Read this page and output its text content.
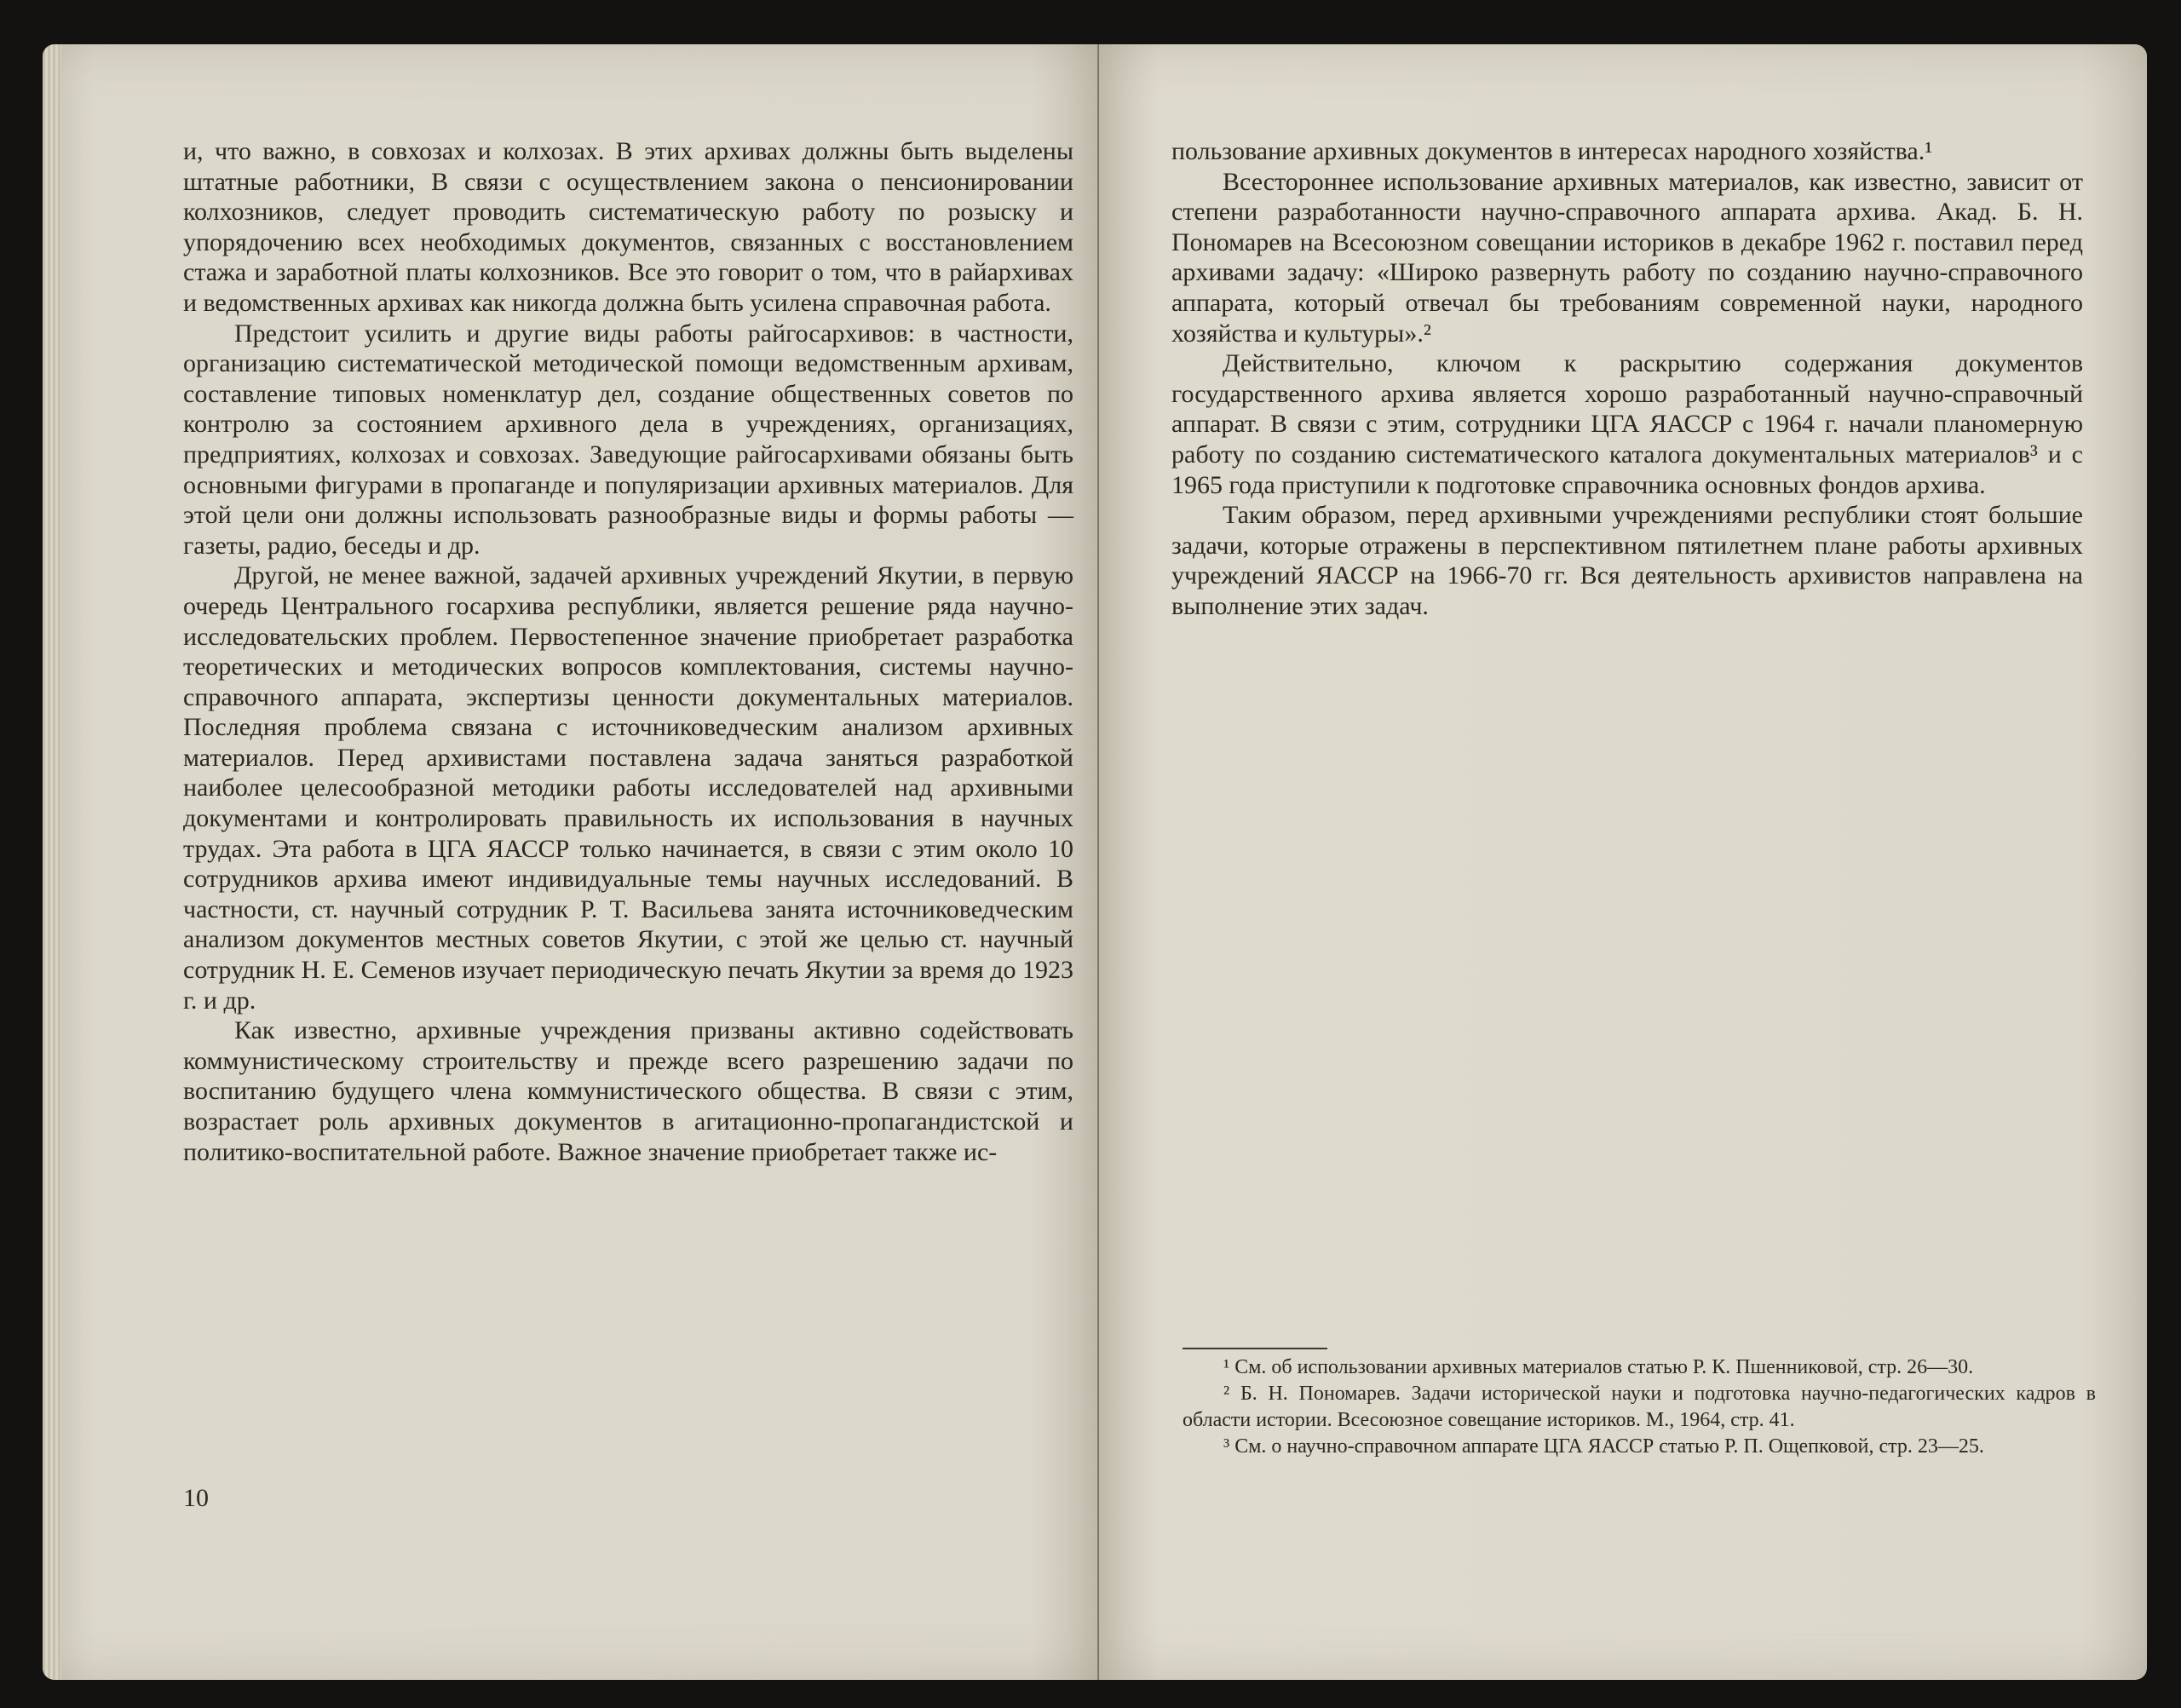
и, что важно, в совхозах и колхозах. В этих архивах должны быть выделены штатные работники, В связи с осуществлением закона о пенсионировании колхозников, следует проводить систематическую работу по розыску и упорядочению всех необходимых документов, связанных с восстановлением стажа и заработной платы колхозников. Все это говорит о том, что в райархивах и ведомственных архивах как никогда должна быть усилена справочная работа.

Предстоит усилить и другие виды работы райгосархивов: в частности, организацию систематической методической помощи ведомственным архивам, составление типовых номенклатур дел, создание общественных советов по контролю за состоянием архивного дела в учреждениях, организациях, предприятиях, колхозах и совхозах. Заведующие райгосархивами обязаны быть основными фигурами в пропаганде и популяризации архивных материалов. Для этой цели они должны использовать разнообразные виды и формы работы — газеты, радио, беседы и др.

Другой, не менее важной, задачей архивных учреждений Якутии, в первую очередь Центрального госархива республики, является решение ряда научно-исследовательских проблем. Первостепенное значение приобретает разработка теоретических и методических вопросов комплектования, системы научно-справочного аппарата, экспертизы ценности документальных материалов. Последняя проблема связана с источниковедческим анализом архивных материалов. Перед архивистами поставлена задача заняться разработкой наиболее целесообразной методики работы исследователей над архивными документами и контролировать правильность их использования в научных трудах. Эта работа в ЦГА ЯАССР только начинается, в связи с этим около 10 сотрудников архива имеют индивидуальные темы научных исследований. В частности, ст. научный сотрудник Р. Т. Васильева занята источниковедческим анализом документов местных советов Якутии, с этой же целью ст. научный сотрудник Н. Е. Семенов изучает периодическую печать Якутии за время до 1923 г. и др.

Как известно, архивные учреждения призваны активно содействовать коммунистическому строительству и прежде всего разрешению задачи по воспитанию будущего члена коммунистического общества. В связи с этим, возрастает роль архивных документов в агитационно-пропагандистской и политико-воспитательной работе. Важное значение приобретает также ис-

10

пользование архивных документов в интересах народного хозяйства.¹

Всестороннее использование архивных материалов, как известно, зависит от степени разработанности научно-справочного аппарата архива. Акад. Б. Н. Пономарев на Всесоюзном совещании историков в декабре 1962 г. поставил перед архивами задачу: «Широко развернуть работу по созданию научно-справочного аппарата, который отвечал бы требованиям современной науки, народного хозяйства и культуры».²

Действительно, ключом к раскрытию содержания документов государственного архива является хорошо разработанный научно-справочный аппарат. В связи с этим, сотрудники ЦГА ЯАССР с 1964 г. начали планомерную работу по созданию систематического каталога документальных материалов³ и с 1965 года приступили к подготовке справочника основных фондов архива.

Таким образом, перед архивными учреждениями республики стоят большие задачи, которые отражены в перспективном пятилетнем плане работы архивных учреждений ЯАССР на 1966-70 гг. Вся деятельность архивистов направлена на выполнение этих задач.

¹ См. об использовании архивных материалов статью Р. К. Пшенниковой, стр. 26—30.

² Б. Н. Пономарев. Задачи исторической науки и подготовка научно-педагогических кадров в области истории. Всесоюзное совещание историков. М., 1964, стр. 41.

³ См. о научно-справочном аппарате ЦГА ЯАССР статью Р. П. Ощепковой, стр. 23—25.
